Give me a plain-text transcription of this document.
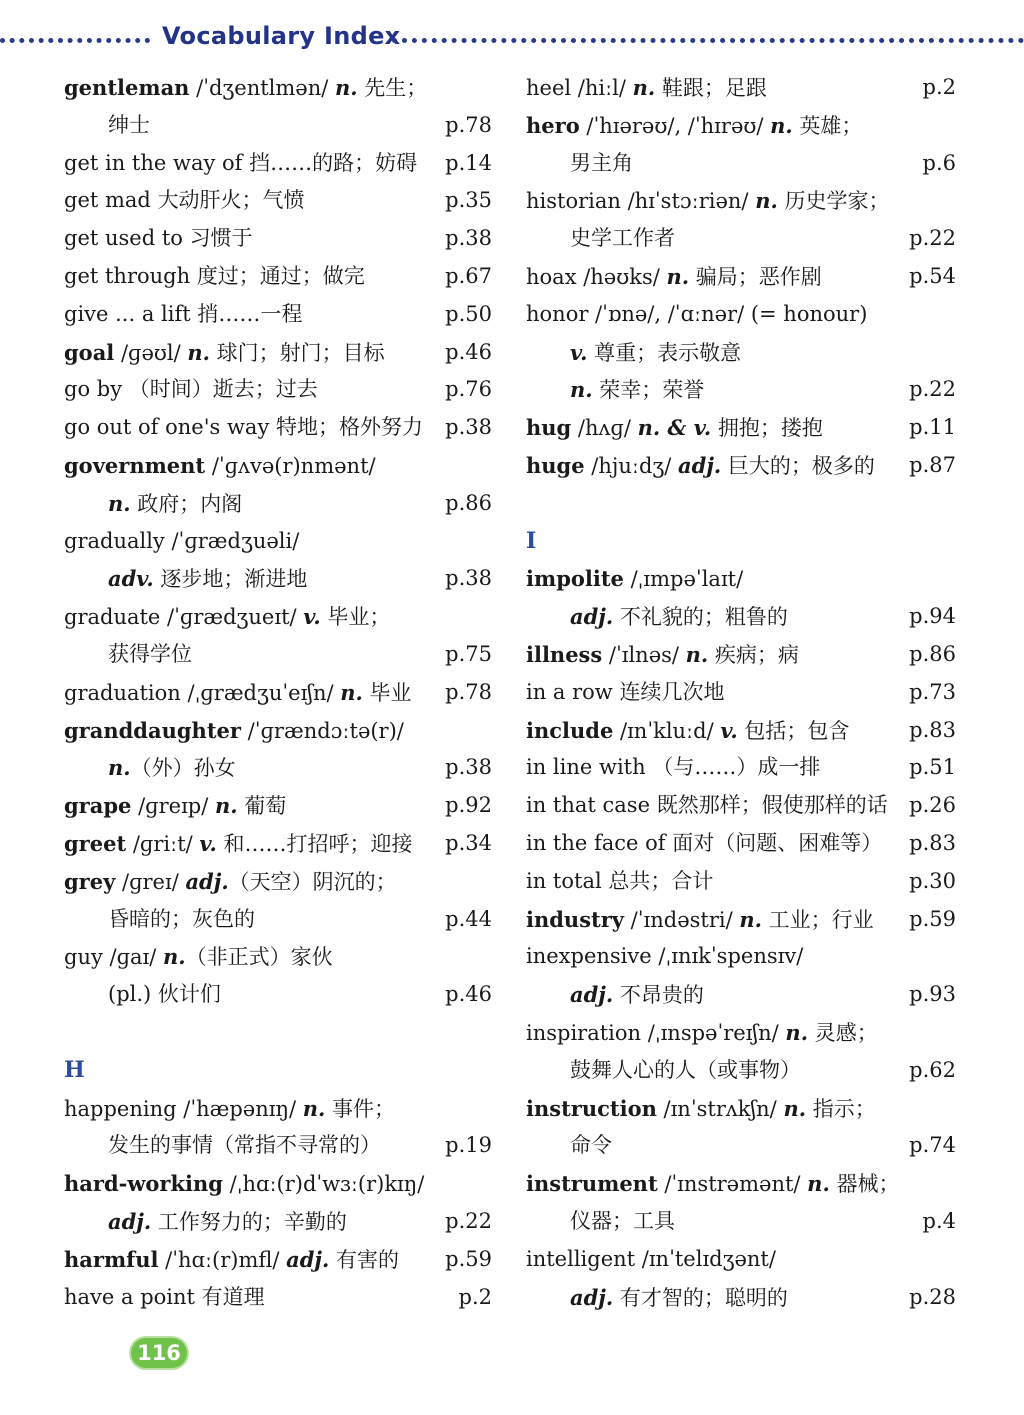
Vocabulary Index
gentleman /ˈdʒentlmən/ n. 先生；
绅士	p.78
get in the way of 挡……的路；妨碍 p.14
get mad 大动肝火；气愤	p.35
get used to 习惯于	p.38
get through 度过；通过；做完	p.67
give ... a lift 捎……一程	p.50
goal /ɡəʊl/ n. 球门；射门；目标	p.46
go by （时间）逝去；过去	p.76
go out of one's way 特地；格外努力 p.38
government /ˈɡʌvə(r)nmənt/
n. 政府；内阁	p.86
gradually /ˈɡrædʒuəli/
adv. 逐步地；渐进地	p.38
graduate /ˈɡrædʒueɪt/ v. 毕业；
获得学位	p.75
graduation /ˌɡrædʒuˈeɪʃn/ n. 毕业 p.78
granddaughter /ˈɡrændɔːtə(r)/
n.（外）孙女	p.38
grape /ɡreɪp/ n. 葡萄	p.92
greet /ɡriːt/ v. 和……打招呼；迎接 p.34
grey /ɡreɪ/ adj.（天空）阴沉的；
昏暗的；灰色的	p.44
guy /ɡaɪ/ n.（非正式）家伙
(pl.) 伙计们	p.46
H
happening /ˈhæpənɪŋ/ n. 事件；
发生的事情（常指不寻常的）	p.19
hard-working /ˌhɑː(r)dˈwɜː(r)kɪŋ/
adj. 工作努力的；辛勤的	p.22
harmful /ˈhɑː(r)mfl/ adj. 有害的 p.59
have a point 有道理	p.2
heel /hiːl/ n. 鞋跟；足跟	p.2
hero /ˈhɪərəʊ/, /ˈhɪrəʊ/ n. 英雄；
男主角	p.6
historian /hɪˈstɔːriən/ n. 历史学家；
史学工作者	p.22
hoax /həʊks/ n. 骗局；恶作剧	p.54
honor /ˈɒnə/, /ˈɑːnər/ (= honour)
v. 尊重；表示敬意
n. 荣幸；荣誉	p.22
hug /hʌɡ/ n. & v. 拥抱；搂抱	p.11
huge /hjuːdʒ/ adj. 巨大的；极多的 p.87
I
impolite /ˌɪmpəˈlaɪt/
adj. 不礼貌的；粗鲁的	p.94
illness /ˈɪlnəs/ n. 疾病；病	p.86
in a row 连续几次地	p.73
include /ɪnˈkluːd/ v. 包括；包含	p.83
in line with （与……）成一排	p.51
in that case 既然那样；假使那样的话 p.26
in the face of 面对（问题、困难等） p.83
in total 总共；合计	p.30
industry /ˈɪndəstri/ n. 工业；行业 p.59
inexpensive /ˌɪnɪkˈspensɪv/
adj. 不昂贵的	p.93
inspiration /ˌɪnspəˈreɪʃn/ n. 灵感；
鼓舞人心的人（或事物）	p.62
instruction /ɪnˈstrʌkʃn/ n. 指示；
命令	p.74
instrument /ˈɪnstrəmənt/ n. 器械；
仪器；工具	p.4
intelligent /ɪnˈtelɪdʒənt/
adj. 有才智的；聪明的	p.28
116
